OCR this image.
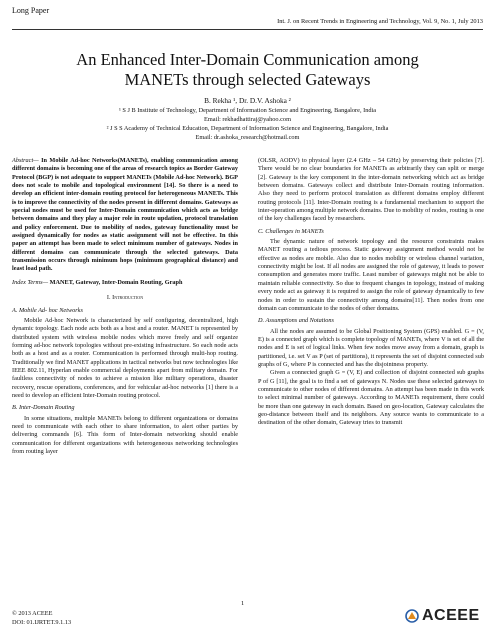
Long Paper
Int. J. on Recent Trends in Engineering and Technology, Vol. 9, No. 1, July 2013
An Enhanced Inter-Domain Communication among
MANETs through selected Gateways
B. Rekha ¹, Dr. D.V. Ashoka ²
¹ S J B Institute of Technology, Department of Information Science and Engineering, Bangalore, India
Email: rekhadhattiraj@yahoo.com
² J S S Academy of Technical Education, Department of Information Science and Engineering, Bangalore, India
Email: dr.ashoka_research@hotmail.com

Abstract— In Mobile Ad-hoc Networks(MANETs), enabling communication among different domains is becoming one of the areas of research topics as Border Gateway Protocol (BGP) is not adequate to support MANETs (Mobile Ad-hoc Network). BGP does not scale to mobile and topological environment [14]. So there is a need to develop an efficient inter-domain routing protocol for heterogeneous MANETs. This is to improve the connectivity of the nodes present in different domains. Gateways as special nodes must be used for Inter-Domain communication which acts as bridge between domains and they play a major role in route updation, protocol translation and policy enforcement. Due to mobility of nodes, gateway functionality must be assigned dynamically for nodes as static assignment will not be effective. In this paper an attempt has been made to select minimum number of gateways. Nodes in different domains can communicate through the selected gateways. Data transmission occurs through minimum hops (minimum geographical distance) and least load path.

Index Terms— MANET, Gateway, Inter-Domain Routing, Graph

I. Introduction

A. Mobile Ad- hoc Networks

Mobile Ad-hoc Network is characterized by self configuring, decentralized, high dynamic topology. Each node acts both as a host and a router. MANET is represented by distributed system with wireless mobile nodes which move freely and self organize forming ad-hoc network topologies without pre-existing infrastructure. So each node acts both as a host and as a router. Communication is performed through multi-hop routing. Traditionally we find MANET applications in tactical networks but now technologies like IEEE 802.11, Hyperlan enable commercial deployments apart from military domain. For faultless connectivity of nodes to achieve a mission like military operations, disaster recovery, rescue operations, conferences, and for vehicular ad-hoc networks [1] there is a need to develop an efficient Inter-Domain routing protocol.

B. Inter-Domain Routing

In some situations, multiple MANETs belong to different organizations or domains need to communicate with each other to share information, to alert other parties by delivering commands [6]. This form of Inter-domain networking should enable communication for different organizations with heterogeneous networking technologies from routing layer

(OLSR, AODV) to physical layer (2.4 GHz – 54 GHz) by preserving their policies [7]. There would be no clear boundaries for MANETs as arbitrarily they can split or merge [2]. Gateway is the key component in the inter-domain networking which act as bridge between domains. Gateways collect and distribute Inter-Domain routing information. Also they need to perform protocol translation as different domains employ different routing protocols [11]. Inter-Domain routing is a fundamental mechanism to support the inter-operation among multiple network domains. Due to mobility of nodes, routing is one of the key challenges faced by researchers.

C. Challenges in MANETs

The dynamic nature of network topology and the resource constraints makes MANET routing a tedious process. Static gateway assignment method would not be effective as nodes are mobile. Also due to nodes mobility or wireless channel variation, connectivity might be lost. If all nodes are assigned the role of gateway, it leads to power consumption and generates more traffic. Least number of gateways might not be able to maintain reliable connectivity. So due to frequent changes in topology, instead of making every node act as gateway it is required to assign the role of gateway dynamically to few nodes in order to sustain the connectivity among domains[11]. Then nodes from one domain can communicate to the nodes of other domains.

D. Assumptions and Notations

All the nodes are assumed to be Global Positioning System (GPS) enabled. G = (V, E) is a connected graph which is complete topology of MANETs, where V is set of all the nodes and E is set of logical links. When few nodes move away from a domain, graph is partitioned, i.e. set V as P (set of partitions), it represents the set of disjoint connected sub graphs of G, where P is connected and has the disjointness property.

Given a connected graph G = (V, E) and collection of disjoint connected sub graphs P of G [11], the goal is to find a set of gateways N. Nodes use these selected gateways to communicate to other nodes of different domains. An attempt has been made in this work to select minimal number of gateways. According to MANETs requirement, there could be more than one gateway in each domain. Based on geo-location, Gateway calculates the geo-distance between itself and its neighbors. Any source wants to communicate to a destination of the other domain, Gateway tries to transmit

1
© 2013 ACEEE
DOI: 01.IJRTET.9.1.13	ACEEE
